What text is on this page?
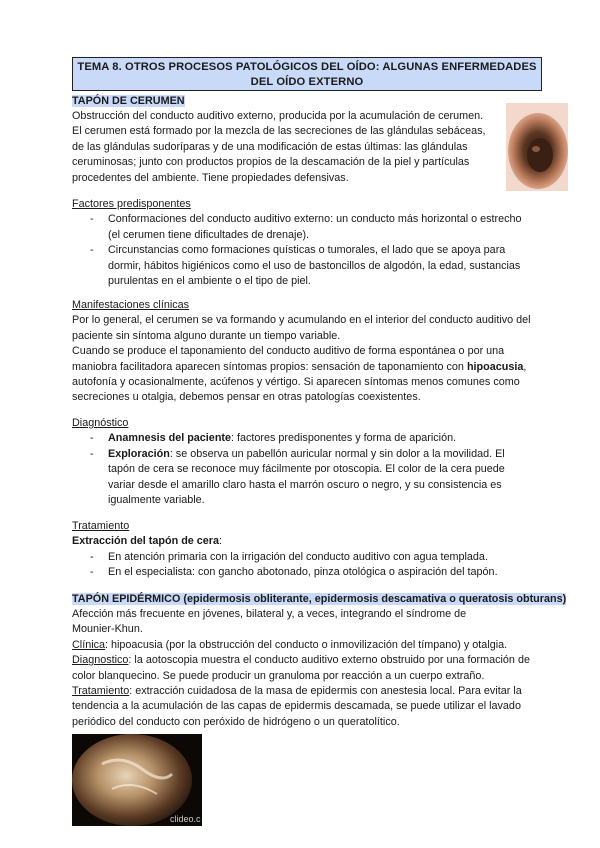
TEMA 8. OTROS PROCESOS PATOLÓGICOS DEL OÍDO: ALGUNAS ENFERMEDADES
DEL OÍDO EXTERNO
TAPÓN DE CERUMEN
Obstrucción del conducto auditivo externo, producida por la acumulación de cerumen.
El cerumen está formado por la mezcla de las secreciones de las glándulas sebáceas,
de las glándulas sudoríparas y de una modificación de estas últimas: las glándulas
ceruminosas; junto con productos propios de la descamación de la piel y partículas
procedentes del ambiente. Tiene propiedades defensivas.
Factores predisponentes
- Conformaciones del conducto auditivo externo: un conducto más horizontal o estrecho
(el cerumen tiene dificultades de drenaje).
- Circunstancias como formaciones quísticas o tumorales, el lado que se apoya para
dormir, hábitos higiénicos como el uso de bastoncillos de algodón, la edad, sustancias
purulentas en el ambiente o el tipo de piel.
Manifestaciones clínicas
Por lo general, el cerumen se va formando y acumulando en el interior del conducto auditivo del
paciente sin síntoma alguno durante un tiempo variable.
Cuando se produce el taponamiento del conducto auditivo de forma espontánea o por una
maniobra facilitadora aparecen síntomas propios: sensación de taponamiento con hipoacusia,
autofonía y ocasionalmente, acúfenos y vértigo. Si aparecen síntomas menos comunes como
secreciones u otalgia, debemos pensar en otras patologías coexistentes.
Diagnóstico
- Anamnesis del paciente: factores predisponentes y forma de aparición.
- Exploración: se observa un pabellón auricular normal y sin dolor a la movilidad. El
tapón de cera se reconoce muy fácilmente por otoscopia. El color de la cera puede
variar desde el amarillo claro hasta el marrón oscuro o negro, y su consistencia es
igualmente variable.
Tratamiento
Extracción del tapón de cera:
- En atención primaria con la irrigación del conducto auditivo con agua templada.
- En el especialista: con gancho abotonado, pinza otológica o aspiración del tapón.
TAPÓN EPIDÉRMICO (epidermosis obliterante, epidermosis descamativa o queratosis obturans)
Afección más frecuente en jóvenes, bilateral y, a veces, integrando el síndrome de
Mounier-Khun.
Clínica: hipoacusia (por la obstrucción del conducto o inmovilización del tímpano) y otalgia.
Diagnostico: la aotoscopia muestra el conducto auditivo externo obstruido por una formación de
color blanquecino. Se puede producir un granuloma por reacción a un cuerpo extraño.
Tratamiento: extracción cuidadosa de la masa de epidermis con anestesia local. Para evitar la
tendencia a la acumulación de las capas de epidermis descamada, se puede utilizar el lavado
periódico del conducto con peróxido de hidrógeno o un queratolítico.
clideo.c
